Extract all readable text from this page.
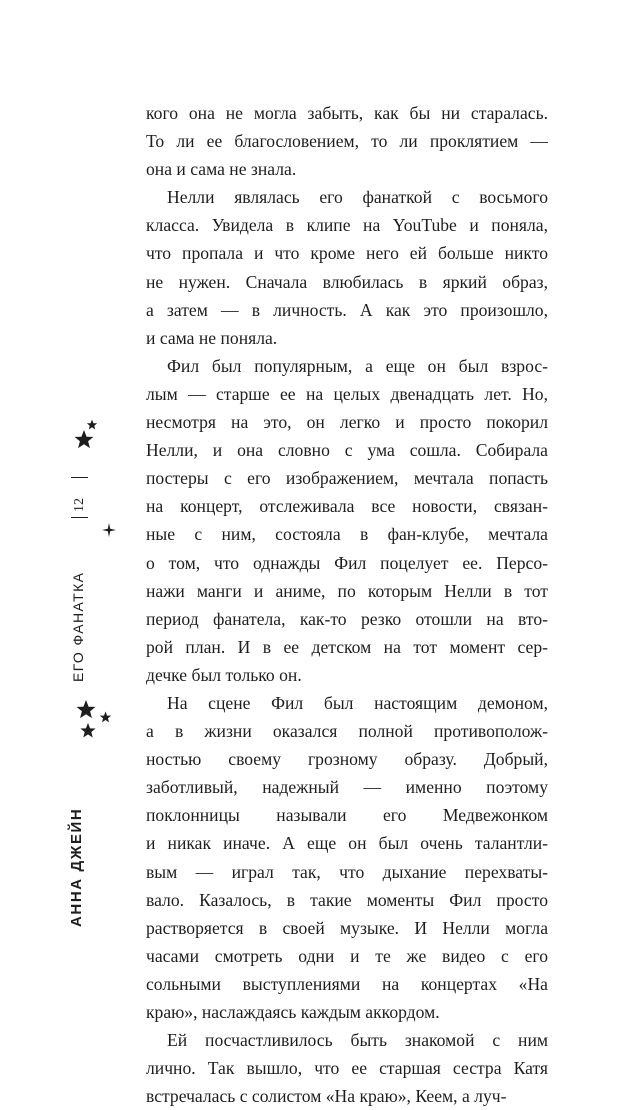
АННА ДЖЕЙН
ЕГО ФАНАТКА
12

кого она не могла забыть, как бы ни старалась.
То ли ее благословением, то ли проклятием —
она и сама не знала.

Нелли являлась его фанаткой с восьмого
класса. Увидела в клипе на YouTube и поняла,
что пропала и что кроме него ей больше никто
не нужен. Сначала влюбилась в яркий образ,
а затем — в личность. А как это произошло,
и сама не поняла.

Фил был популярным, а еще он был взрос-
лым — старше ее на целых двенадцать лет. Но,
несмотря на это, он легко и просто покорил
Нелли, и она словно с ума сошла. Собирала
постеры с его изображением, мечтала попасть
на концерт, отслеживала все новости, связан-
ные с ним, состояла в фан-клубе, мечтала
о том, что однажды Фил поцелует ее. Персо-
нажи манги и аниме, по которым Нелли в тот
период фанатела, как-то резко отошли на вто-
рой план. И в ее детском на тот момент сер-
дечке был только он.

На сцене Фил был настоящим демоном,
а в жизни оказался полной противополож-
ностью своему грозному образу. Добрый,
заботливый, надежный — именно поэтому
поклонницы называли его Медвежонком
и никак иначе. А еще он был очень талантли-
вым — играл так, что дыхание перехваты-
вало. Казалось, в такие моменты Фил просто
растворяется в своей музыке. И Нелли могла
часами смотреть одни и те же видео с его
сольными выступлениями на концертах «На
краю», наслаждаясь каждым аккордом.

Ей посчастливилось быть знакомой с ним
лично. Так вышло, что ее старшая сестра Катя
встречалась с солистом «На краю», Кеем, а луч-
